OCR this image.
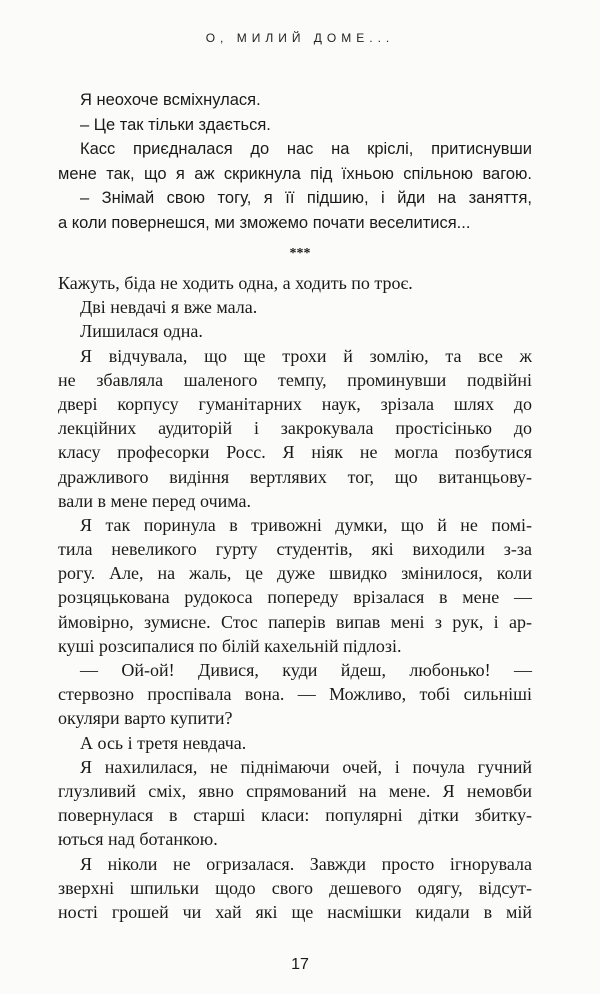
О, МИЛИЙ ДОМЕ...
Я неохоче всміхнулася.
– Це так тільки здається.
Касс приєдналася до нас на кріслі, притиснувши
мене так, що я аж скрикнула під їхньою спільною вагою.
– Знімай свою тогу, я її підшию, і йди на заняття,
а коли повернешся, ми зможемо почати веселитися...
***
Кажуть, біда не ходить одна, а ходить по троє.
Дві невдачі я вже мала.
Лишилася одна.
Я відчувала, що ще трохи й зомлію, та все ж
не збавляла шаленого темпу, проминувши подвійні
двері корпусу гуманітарних наук, зрізала шлях до
лекційних аудиторій і закрокувала простісінько до
класу професорки Росс. Я ніяк не могла позбутися
дражливого видіння вертлявих тог, що витанцьову-
вали в мене перед очима.
Я так поринула в тривожні думки, що й не помі-
тила невеликого гурту студентів, які виходили з-за
рогу. Але, на жаль, це дуже швидко змінилося, коли
розцяцькована рудокоса попереду врізалася в мене —
ймовірно, зумисне. Стос паперів випав мені з рук, і ар-
куші розсипалися по білій кахельній підлозі.
— Ой-ой! Дивися, куди йдеш, любонько! —
стервозно проспівала вона. — Можливо, тобі сильніші
окуляри варто купити?
А ось і третя невдача.
Я нахилилася, не піднімаючи очей, і почула гучний
глузливий сміх, явно спрямований на мене. Я немовби
повернулася в старші класи: популярні дітки збитку-
ються над ботанкою.
Я ніколи не огризалася. Завжди просто ігнорувала
зверхні шпильки щодо свого дешевого одягу, відсут-
ності грошей чи хай які ще насмішки кидали в мій
17
